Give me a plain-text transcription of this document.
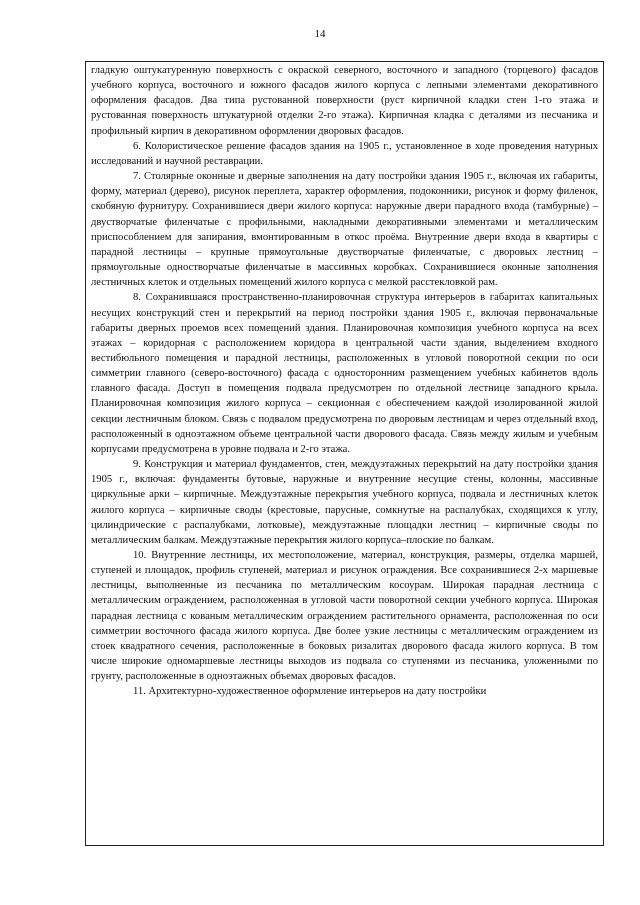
14

гладкую оштукатуренную поверхность с окраской северного, восточного и западного (торцевого) фасадов учебного корпуса, восточного и южного фасадов жилого корпуса с лепными элементами декоративного оформления фасадов. Два типа рустованной поверхности (руст кирпичной кладки стен 1-го этажа и рустованная поверхность штукатурной отделки 2-го этажа). Кирпичная кладка с деталями из песчаника и профильный кирпич в декоративном оформлении дворовых фасадов.

6. Колористическое решение фасадов здания на 1905 г., установленное в ходе проведения натурных исследований и научной реставрации.

7. Столярные оконные и дверные заполнения на дату постройки здания 1905 г., включая их габариты, форму, материал (дерево), рисунок переплета, характер оформления, подоконники, рисунок и форму филенок, скобяную фурнитуру. Сохранившиеся двери жилого корпуса: наружные двери парадного входа (тамбурные) – двустворчатые филенчатые с профильными, накладными декоративными элементами и металлическим приспособлением для запирания, вмонтированным в откос проёма. Внутренние двери входа в квартиры с парадной лестницы – крупные прямоугольные двустворчатые филенчатые, с дворовых лестниц – прямоугольные одностворчатые филенчатые в массивных коробках. Сохранившиеся оконные заполнения лестничных клеток и отдельных помещений жилого корпуса с мелкой расстекловкой рам.

8. Сохранившаяся пространственно-планировочная структура интерьеров в габаритах капитальных несущих конструкций стен и перекрытий на период постройки здания 1905 г., включая первоначальные габариты дверных проемов всех помещений здания. Планировочная композиция учебного корпуса на всех этажах – коридорная с расположением коридора в центральной части здания, выделением входного вестибюльного помещения и парадной лестницы, расположенных в угловой поворотной секции по оси симметрии главного (северо-восточного) фасада с односторонним размещением учебных кабинетов вдоль главного фасада. Доступ в помещения подвала предусмотрен по отдельной лестнице западного крыла. Планировочная композиция жилого корпуса – секционная с обеспечением каждой изолированной жилой секции лестничным блоком. Связь с подвалом предусмотрена по дворовым лестницам и через отдельный вход, расположенный в одноэтажном объеме центральной части дворового фасада. Связь между жилым и учебным корпусами предусмотрена в уровне подвала и 2-го этажа.

9. Конструкция и материал фундаментов, стен, междуэтажных перекрытий на дату постройки здания 1905 г., включая: фундаменты бутовые, наружные и внутренние несущие стены, колонны, массивные циркульные арки – кирпичные. Междуэтажные перекрытия учебного корпуса, подвала и лестничных клеток жилого корпуса – кирпичные своды (крестовые, парусные, сомкнутые на распалубках, сходящихся к углу, цилиндрические с распалубками, лотковые), междуэтажные площадки лестниц – кирпичные своды по металлическим балкам. Междуэтажные перекрытия жилого корпуса–плоские по балкам.

10. Внутренние лестницы, их местоположение, материал, конструкция, размеры, отделка маршей, ступеней и площадок, профиль ступеней, материал и рисунок ограждения. Все сохранившиеся 2-х маршевые лестницы, выполненные из песчаника по металлическим косоурам. Широкая парадная лестница с металлическим ограждением, расположенная в угловой части поворотной секции учебного корпуса. Широкая парадная лестница с кованым металлическим ограждением растительного орнамента, расположенная по оси симметрии восточного фасада жилого корпуса. Две более узкие лестницы с металлическим ограждением из стоек квадратного сечения, расположенные в боковых ризалитах дворового фасада жилого корпуса. В том числе широкие одномаршевые лестницы выходов из подвала со ступенями из песчаника, уложенными по грунту, расположенные в одноэтажных объемах дворовых фасадов.

11. Архитектурно-художественное оформление интерьеров на дату постройки
